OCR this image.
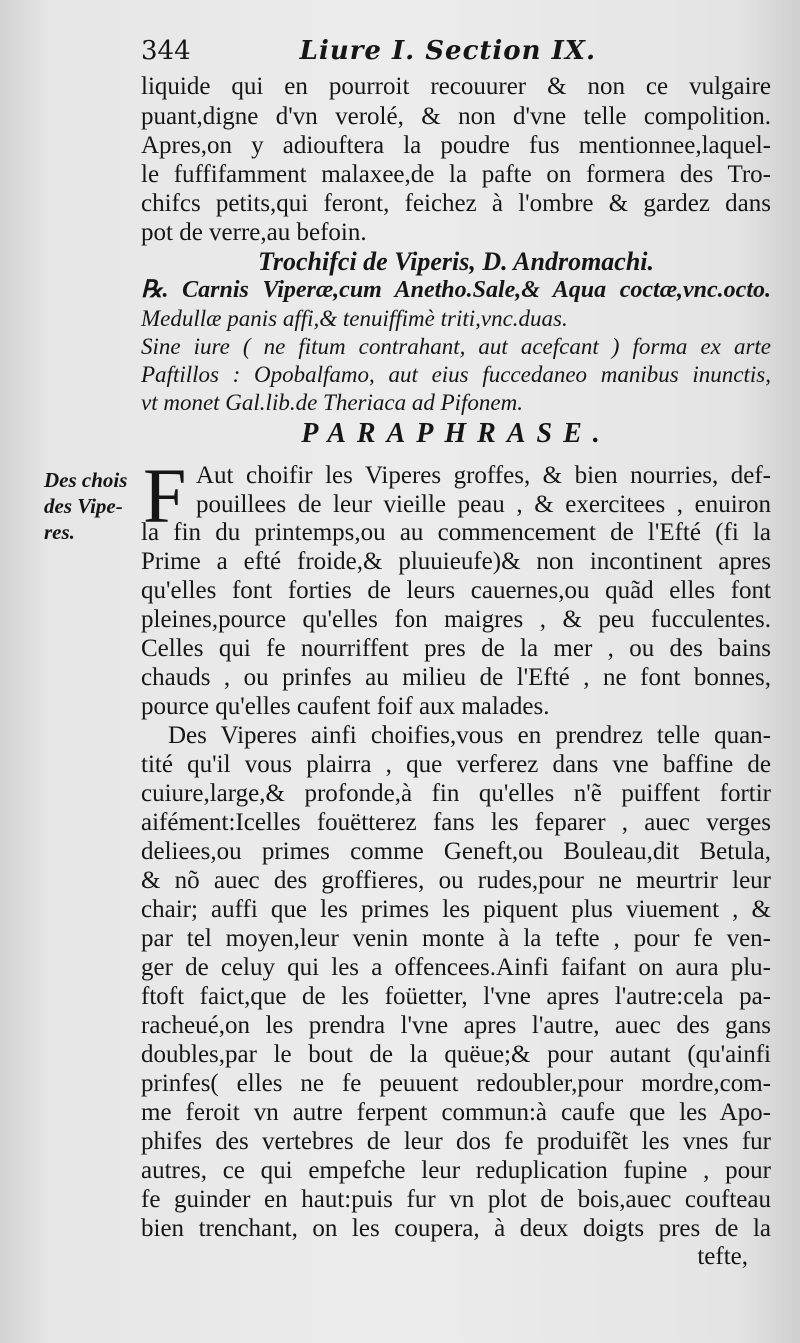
344	Liure I. Section IX.
liquide qui en pourroit recouurer & non ce vulgaire
puant,digne d'vn verolé, & non d'vne telle compolition.
Apres,on y adiouftera la poudre fus mentionnee,laquel-
le fuffifamment malaxee,de la pafte on formera des Tro-
chifcs petits,qui feront, feichez à l'ombre & gardez dans
pot de verre,au befoin.
Trochifci de Viperis, D. Andromachi.
℞. Carnis Viperæ,cum Anetho.Sale,& Aqua coctæ,vnc.octo.
Medullæ panis affi,& tenuiffimè triti,vnc.duas.
Sine iure ( ne fitum contrahant, aut acefcant ) forma ex arte
Paftillos : Opobalfamo, aut eius fuccedaneo manibus inunctis,
vt monet Gal.lib.de Theriaca ad Pifonem.
PARAPHRASE.
Des chois
des Vipe-
res. F Aut choifir les Viperes groffes, & bien nourries, def-
pouillees de leur vieille peau , & exercitees , enuiron
la fin du printemps,ou au commencement de l'Efté (fi la
Prime a efté froide,& pluuieufe)& non incontinent apres
qu'elles font forties de leurs cauernes,ou quãd elles font
pleines,pource qu'elles fon maigres , & peu fucculentes.
Celles qui fe nourriffent pres de la mer , ou des bains
chauds , ou prinfes au milieu de l'Efté , ne font bonnes,
pource qu'elles caufent foif aux malades.
Des Viperes ainfi choifies,vous en prendrez telle quan-
tité qu'il vous plairra , que verferez dans vne baffine de
cuiure,large,& profonde,à fin qu'elles n'ẽ puiffent fortir
aifément:Icelles fouëtterez fans les feparer , auec verges
deliees,ou primes comme Geneft,ou Bouleau,dit Betula,
& nõ auec des groffieres, ou rudes,pour ne meurtrir leur
chair; auffi que les primes les piquent plus viuement , &
par tel moyen,leur venin monte à la tefte , pour fe ven-
ger de celuy qui les a offencees.Ainfi faifant on aura plu-
ftoft faict,que de les foüetter, l'vne apres l'autre:cela pa-
racheué,on les prendra l'vne apres l'autre, auec des gans
doubles,par le bout de la quëue;& pour autant (qu'ainfi
prinfes( elles ne fe peuuent redoubler,pour mordre,com-
me feroit vn autre ferpent commun:à caufe que les Apo-
phifes des vertebres de leur dos fe produifẽt les vnes fur
autres, ce qui empefche leur reduplication fupine , pour
fe guinder en haut:puis fur vn plot de bois,auec coufteau
bien trenchant, on les coupera, à deux doigts pres de la
tefte,
